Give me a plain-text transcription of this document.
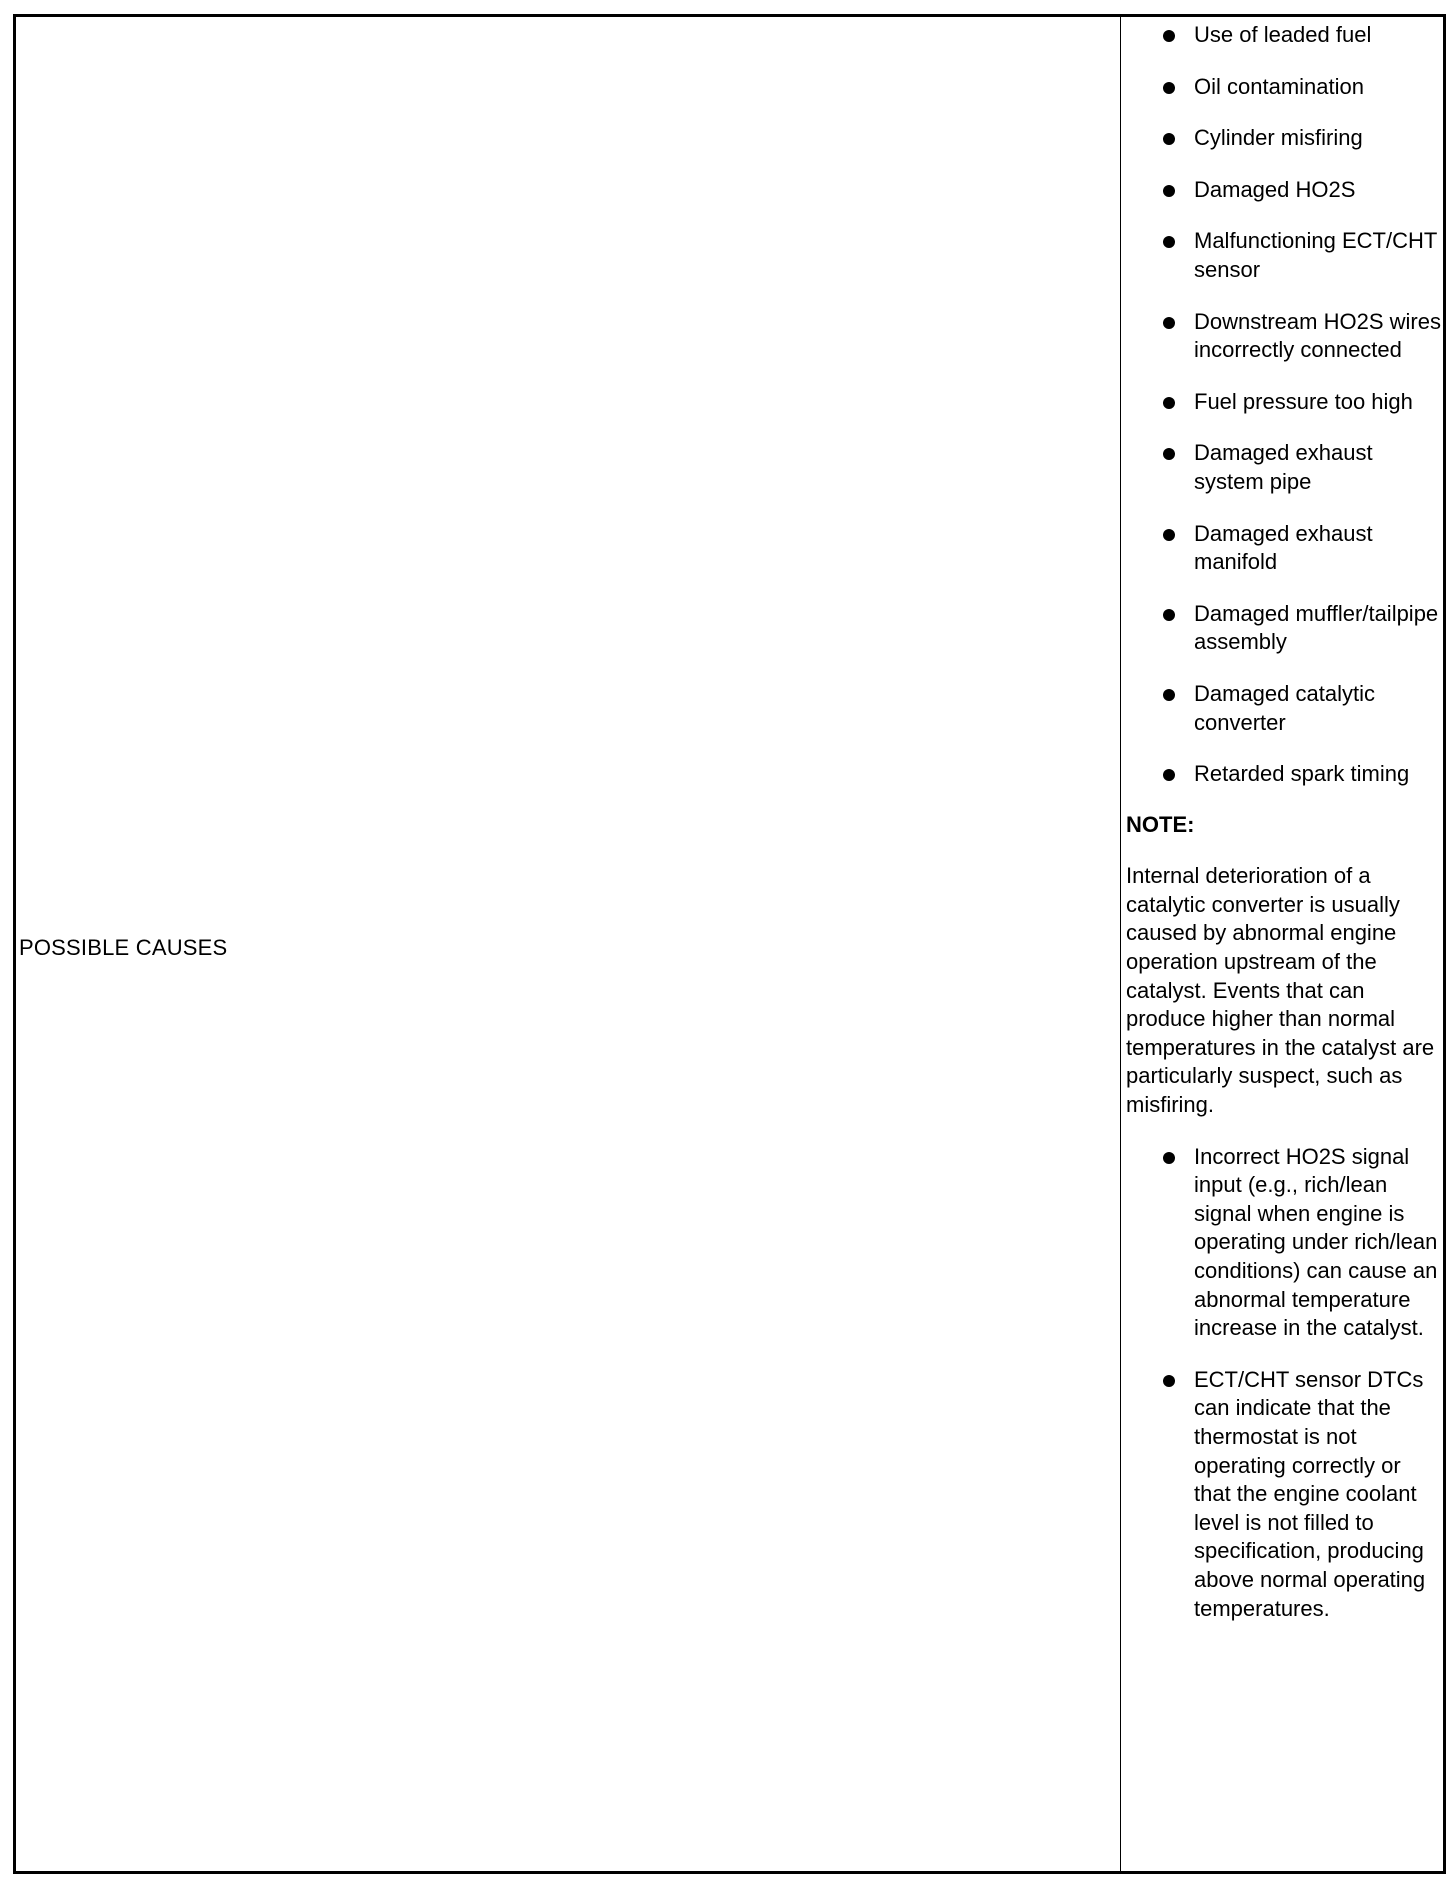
POSSIBLE CAUSES
Use of leaded fuel
Oil contamination
Cylinder misfiring
Damaged HO2S
Malfunctioning ECT/CHT sensor
Downstream HO2S wires incorrectly connected
Fuel pressure too high
Damaged exhaust system pipe
Damaged exhaust manifold
Damaged muffler/tailpipe assembly
Damaged catalytic converter
Retarded spark timing
NOTE:
Internal deterioration of a catalytic converter is usually caused by abnormal engine operation upstream of the catalyst. Events that can produce higher than normal temperatures in the catalyst are particularly suspect, such as misfiring.
Incorrect HO2S signal input (e.g., rich/lean signal when engine is operating under rich/lean conditions) can cause an abnormal temperature increase in the catalyst.
ECT/CHT sensor DTCs can indicate that the thermostat is not operating correctly or that the engine coolant level is not filled to specification, producing above normal operating temperatures.
